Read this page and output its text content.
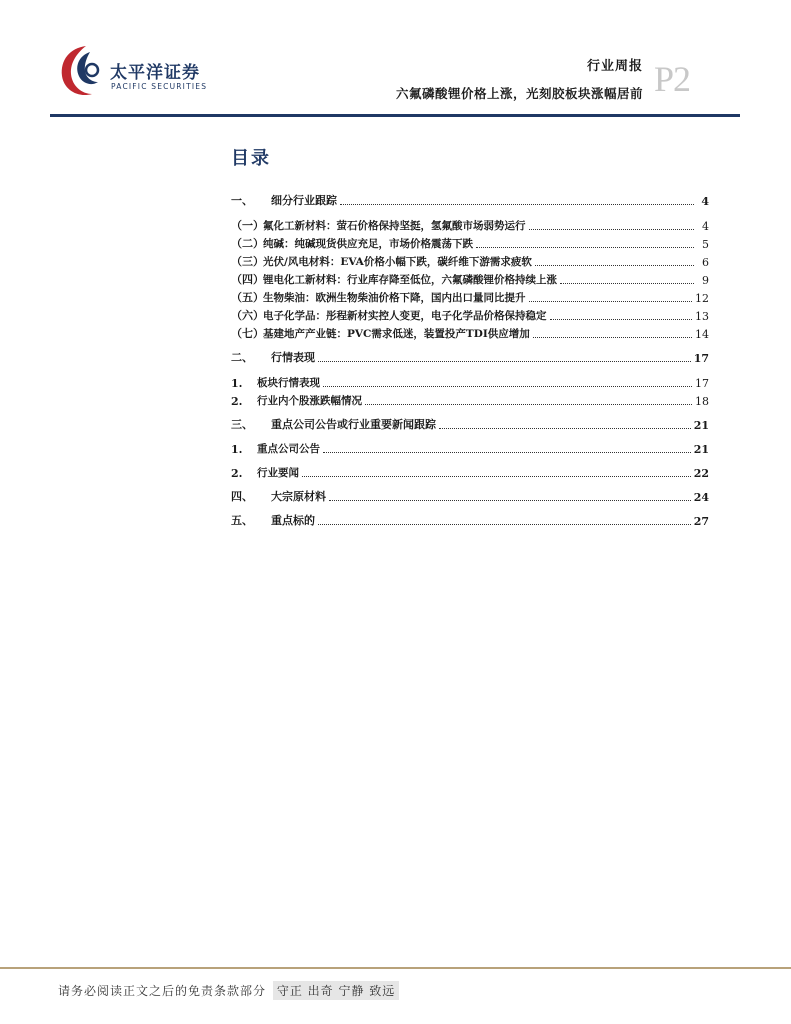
太平洋证券
PACIFIC SECURITIES
行业周报
六氟磷酸锂价格上涨，光刻胶板块涨幅居前 P2
目录
一、	细分行业跟踪	4
（一） 氟化工新材料：萤石价格保持坚挺，氢氟酸市场弱势运行	4
（二） 纯碱：纯碱现货供应充足，市场价格震荡下跌	5
（三） 光伏/风电材料：EVA价格小幅下跌，碳纤维下游需求疲软	6
（四） 锂电化工新材料：行业库存降至低位，六氟磷酸锂价格持续上涨	9
（五） 生物柴油：欧洲生物柴油价格下降，国内出口量同比提升	12
（六） 电子化学品：彤程新材实控人变更，电子化学品价格保持稳定	13
（七） 基建地产产业链：PVC需求低迷，装置投产TDI供应增加	14
二、	行情表现	17
1.	板块行情表现	17
2.	行业内个股涨跌幅情况	18
三、	重点公司公告或行业重要新闻跟踪	21
1.	重点公司公告	21
2.	行业要闻	22
四、	大宗原材料	24
五、	重点标的	27
请务必阅读正文之后的免责条款部分 守正 出奇 宁静 致远
